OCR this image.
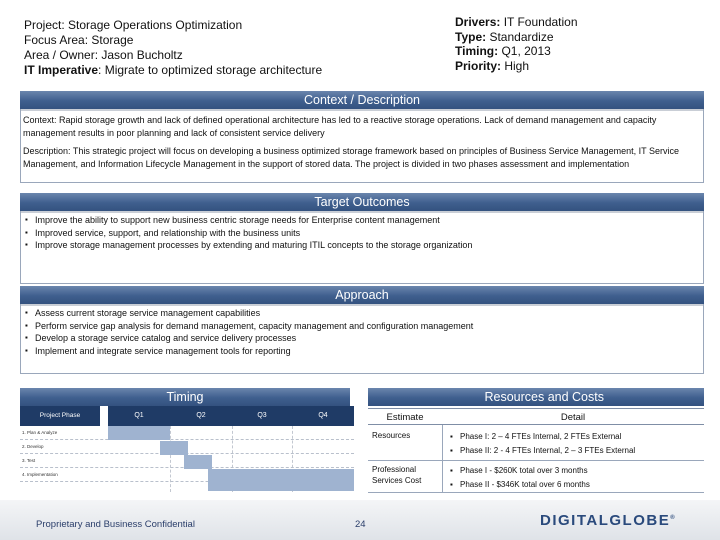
Project: Storage Operations Optimization
Focus Area: Storage
Area / Owner: Jason Bucholtz
IT Imperative: Migrate to optimized storage architecture
Drivers: IT Foundation
Type: Standardize
Timing: Q1, 2013
Priority: High
Context / Description

Context: Rapid storage growth and lack of defined operational architecture has led to a reactive storage operations. Lack of demand management and capacity management results in poor planning and lack of consistent service delivery

Description: This strategic project will focus on developing a business optimized storage framework based on principles of Business Service Management, IT Service Management, and Information Lifecycle Management in the support of stored data. The project is divided in two phases assessment and implementation

Target Outcomes
▪ Improve the ability to support new business centric storage needs for Enterprise content management
▪ Improved service, support, and relationship with the business units
▪ Improve storage management processes by extending and maturing ITIL concepts to the storage organization
Approach
▪ Assess current storage service management capabilities
▪ Perform service gap analysis for demand management, capacity management and configuration management
▪ Develop a storage service catalog and service delivery processes
▪ Implement and integrate service management tools for reporting
Timing
Project Phase	Q1	Q2	Q3	Q4
1. Plan & Analyze
2. Develop
3. Test
4. Implementation
Resources and Costs
Estimate	Detail
Resources
▪	Phase I: 2 – 4 FTEs Internal, 2 FTEs External
▪ Phase II: 2 - 4 FTEs Internal, 2 – 3 FTEs External
Professional Services Cost
▪ Phase I - $260K total over 3 months
▪ Phase II - $346K total over 6 months
Proprietary and Business Confidential	24	DIGITALGLOBE®
